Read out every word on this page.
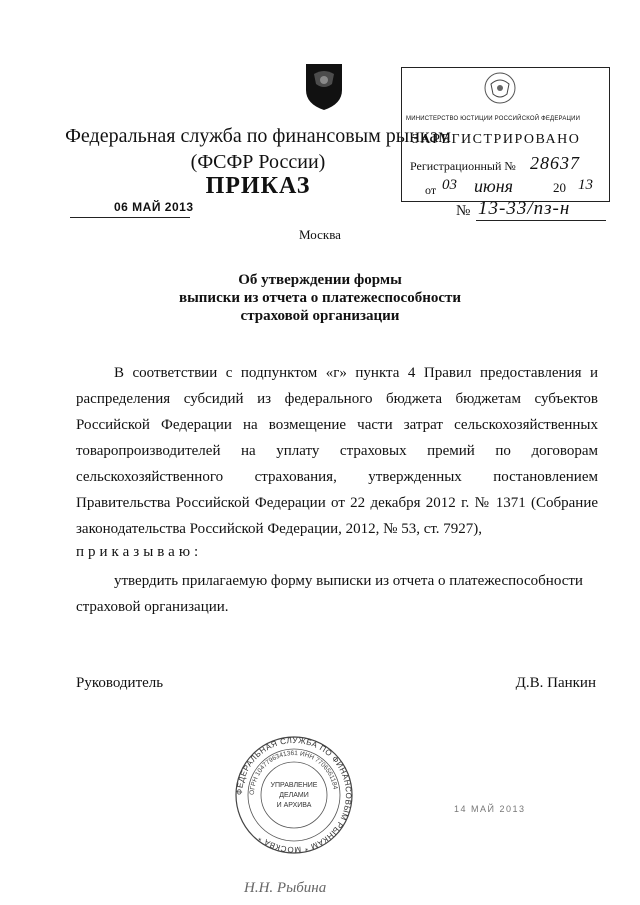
Федеральная служба по финансовым рынкам
(ФСФР России)
ПРИКАЗ
06 МАЙ 2013
Москва
МИНИСТЕРСТВО ЮСТИЦИИ РОССИЙСКОЙ ФЕДЕРАЦИИ
ЗАРЕГИСТРИРОВАНО
Регистрационный № 28637
от 03 июня	20 13
№ 13-33/пз-н
Об утверждении формы
выписки из отчета о платежеспособности
страховой организации
В соответствии с подпунктом «г» пункта 4 Правил предоставления и
распределения субсидий из федерального бюджета бюджетам субъектов
Российской Федерации на возмещение части затрат сельскохозяйственных
товаропроизводителей на уплату страховых премий по договорам
сельскохозяйственного страхования, утвержденных постановлением
Правительства Российской Федерации от 22 декабря 2012 г. № 1371 (Собрание
законодательства Российской Федерации, 2012, № 53, ст. 7927),
приказываю:
утвердить прилагаемую форму выписки из отчета о платежеспособности
страховой организации.
Руководитель	Д.В. Панкин
ФЕДЕРАЛЬНАЯ СЛУЖБА ПО ФИНАНСОВЫМ РЫНКАМ * МОСКВА *
ОГРН 1047796341361 ИНН 7706561184
УПРАВЛЕНИЕ
ДЕЛАМИ
И АРХИВА	14 МАЙ 2013
Н.Н. Рыбина
